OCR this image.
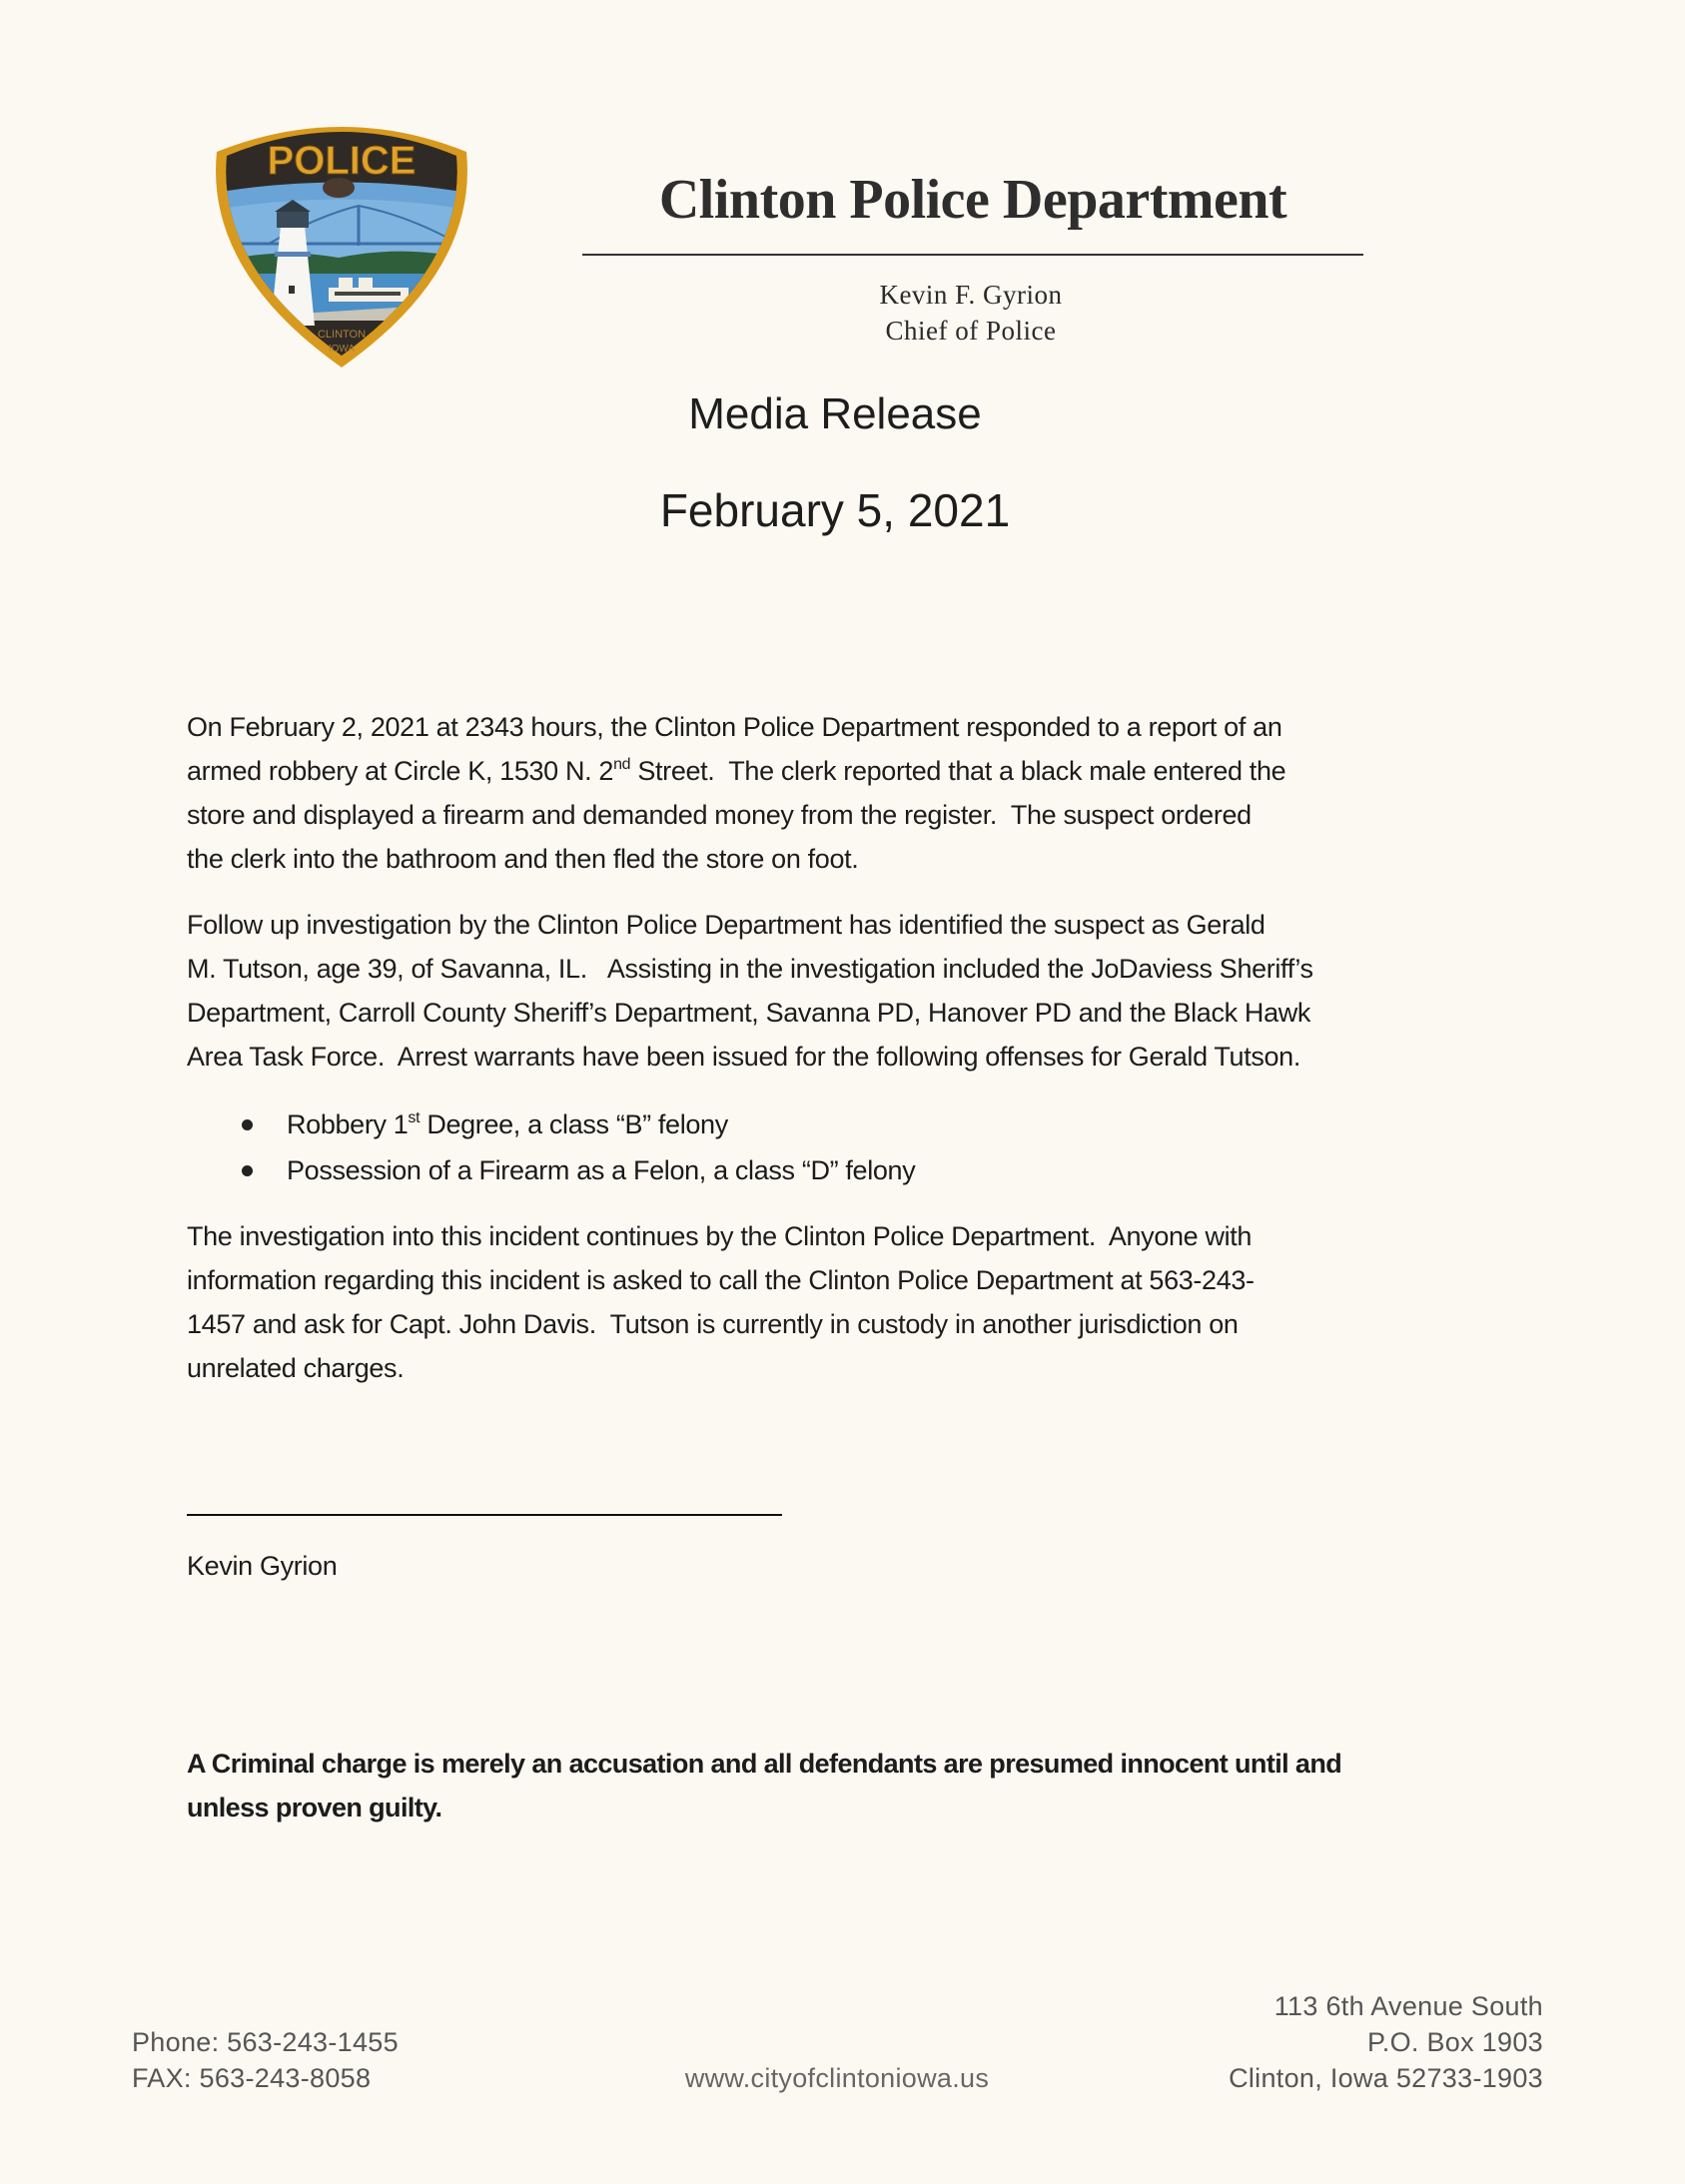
POLICE
CLINTON
IOWA
Clinton Police Department
Kevin F. Gyrion
Chief of Police
Media Release
February 5, 2021

On February 2, 2021 at 2343 hours, the Clinton Police Department responded to a report of an

armed robbery at Circle K, 1530 N. 2nd Street.  The clerk reported that a black male entered the

store and displayed a firearm and demanded money from the register.  The suspect ordered

the clerk into the bathroom and then fled the store on foot.

Follow up investigation by the Clinton Police Department has identified the suspect as Gerald

M. Tutson, age 39, of Savanna, IL.   Assisting in the investigation included the JoDaviess Sheriff’s

Department, Carroll County Sheriff’s Department, Savanna PD, Hanover PD and the Black Hawk

Area Task Force.  Arrest warrants have been issued for the following offenses for Gerald Tutson.

Robbery 1st Degree, a class “B” felony
Possession of a Firearm as a Felon, a class “D” felony

The investigation into this incident continues by the Clinton Police Department.  Anyone with

information regarding this incident is asked to call the Clinton Police Department at 563-243-

1457 and ask for Capt. John Davis.  Tutson is currently in custody in another jurisdiction on

unrelated charges.

Kevin Gyrion

A Criminal charge is merely an accusation and all defendants are presumed innocent until and

unless proven guilty.

Phone: 563-243-1455
FAX: 563-243-8058	www.cityofclintoniowa.us
113 6th Avenue South
P.O. Box 1903
Clinton, Iowa 52733-1903
